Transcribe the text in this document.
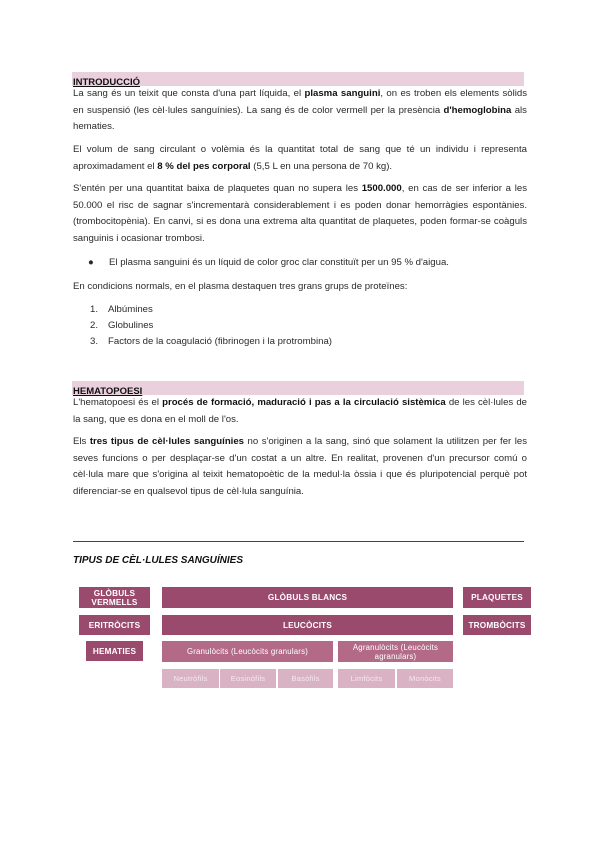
INTRODUCCIÓ

La sang és un teixit que consta d'una part líquida, el plasma sanguini, on es troben els elements sòlids en suspensió (les cèl·lules sanguínies). La sang és de color vermell per la presència d'hemoglobina als hematies.

El volum de sang circulant o volèmia és la quantitat total de sang que té un individu i representa aproximadament el 8 % del pes corporal (5,5 L en una persona de 70 kg).

S'entén per una quantitat baixa de plaquetes quan no supera les 1500.000, en cas de ser inferior a les 50.000 el risc de sagnar s'incrementarà considerablement i es poden donar hemorràgies espontànies. (trombocitopènia). En canvi, si es dona una extrema alta quantitat de plaquetes, poden formar-se coàguls sanguinis i ocasionar trombosi.

● El plasma sanguini és un líquid de color groc clar constituït per un 95 % d'aigua.

En condicions normals, en el plasma destaquen tres grans grups de proteïnes:

1. Albúmines
2. Globulines
3. Factors de la coagulació (fibrinogen i la protrombina)
HEMATOPOESI

L'hematopoesi és el procés de formació, maduració i pas a la circulació sistèmica de les cèl·lules de la sang, que es dona en el moll de l'os.

Els tres tipus de cèl·lules sanguínies no s'originen a la sang, sinó que solament la utilitzen per fer les seves funcions o per desplaçar-se d'un costat a un altre. En realitat, provenen d'un precursor comú o cèl·lula mare que s'origina al teixit hematopoètic de la medul·la òssia i que és pluripotencial perquè pot diferenciar-se en qualsevol tipus de cèl·lula sanguínia.

TIPUS DE CÈL·LULES SANGUÍNIES
GLÒBULS VERMELLS
ERITRÒCITS
HEMATIES
GLÒBULS BLANCS
LEUCÒCITS
Granulòcits (Leucòcits granulars)	Agranulòcits (Leucòcits agranulars)
Neutròfils	Eosinòfils	Basòfils	Limfòcits	Monòcits
PLAQUETES
TROMBÒCITS
